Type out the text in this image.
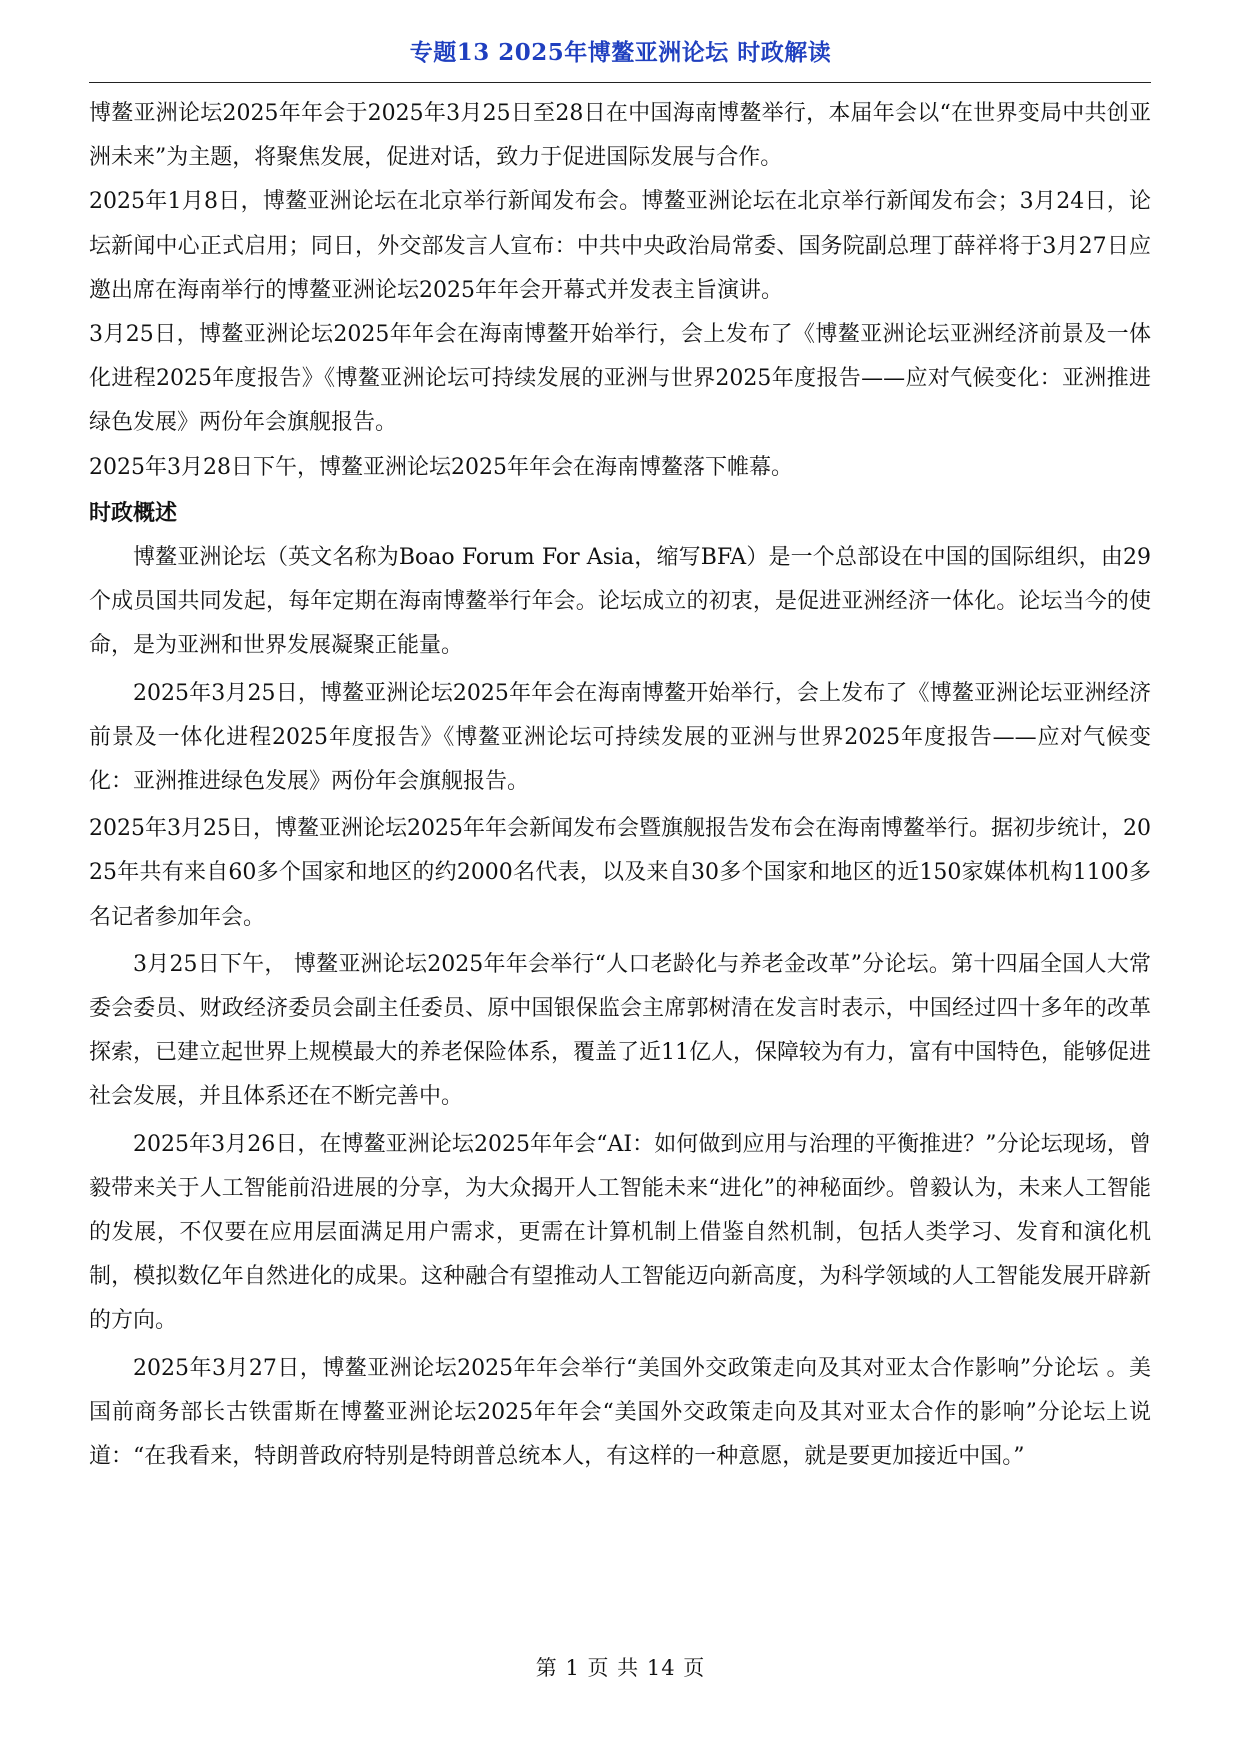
专题13 2025年博鳌亚洲论坛 时政解读

博鳌亚洲论坛2025年年会于2025年3月25日至28日在中国海南博鳌举行，本届年会以“在世界变局中共创亚洲未来”为主题，将聚焦发展，促进对话，致力于促进国际发展与合作。

2025年1月8日，博鳌亚洲论坛在北京举行新闻发布会。博鳌亚洲论坛在北京举行新闻发布会；3月24日，论坛新闻中心正式启用；同日，外交部发言人宣布：中共中央政治局常委、国务院副总理丁薛祥将于3月27日应邀出席在海南举行的博鳌亚洲论坛2025年年会开幕式并发表主旨演讲。

3月25日，博鳌亚洲论坛2025年年会在海南博鳌开始举行，会上发布了《博鳌亚洲论坛亚洲经济前景及一体化进程2025年度报告》《博鳌亚洲论坛可持续发展的亚洲与世界2025年度报告——应对气候变化：亚洲推进绿色发展》两份年会旗舰报告。

2025年3月28日下午，博鳌亚洲论坛2025年年会在海南博鳌落下帷幕。

时政概述

博鳌亚洲论坛（英文名称为Boao Forum For Asia，缩写BFA）是一个总部设在中国的国际组织，由29个成员国共同发起，每年定期在海南博鳌举行年会。论坛成立的初衷，是促进亚洲经济一体化。论坛当今的使命，是为亚洲和世界发展凝聚正能量。

2025年3月25日，博鳌亚洲论坛2025年年会在海南博鳌开始举行，会上发布了《博鳌亚洲论坛亚洲经济前景及一体化进程2025年度报告》《博鳌亚洲论坛可持续发展的亚洲与世界2025年度报告——应对气候变化：亚洲推进绿色发展》两份年会旗舰报告。

2025年3月25日，博鳌亚洲论坛2025年年会新闻发布会暨旗舰报告发布会在海南博鳌举行。据初步统计，2025年共有来自60多个国家和地区的约2000名代表，以及来自30多个国家和地区的近150家媒体机构1100多名记者参加年会。

3月25日下午， 博鳌亚洲论坛2025年年会举行“人口老龄化与养老金改革”分论坛。第十四届全国人大常委会委员、财政经济委员会副主任委员、原中国银保监会主席郭树清在发言时表示，中国经过四十多年的改革探索，已建立起世界上规模最大的养老保险体系，覆盖了近11亿人，保障较为有力，富有中国特色，能够促进社会发展，并且体系还在不断完善中。

2025年3月26日，在博鳌亚洲论坛2025年年会“AI：如何做到应用与治理的平衡推进？”分论坛现场，曾毅带来关于人工智能前沿进展的分享，为大众揭开人工智能未来“进化”的神秘面纱。曾毅认为，未来人工智能的发展，不仅要在应用层面满足用户需求，更需在计算机制上借鉴自然机制，包括人类学习、发育和演化机制，模拟数亿年自然进化的成果。这种融合有望推动人工智能迈向新高度，为科学领域的人工智能发展开辟新的方向。

2025年3月27日，博鳌亚洲论坛2025年年会举行“美国外交政策走向及其对亚太合作影响”分论坛 。美国前商务部长古铁雷斯在博鳌亚洲论坛2025年年会“美国外交政策走向及其对亚太合作的影响”分论坛上说道：“在我看来，特朗普政府特别是特朗普总统本人，有这样的一种意愿，就是要更加接近中国。”

第 1 页 共 14 页
